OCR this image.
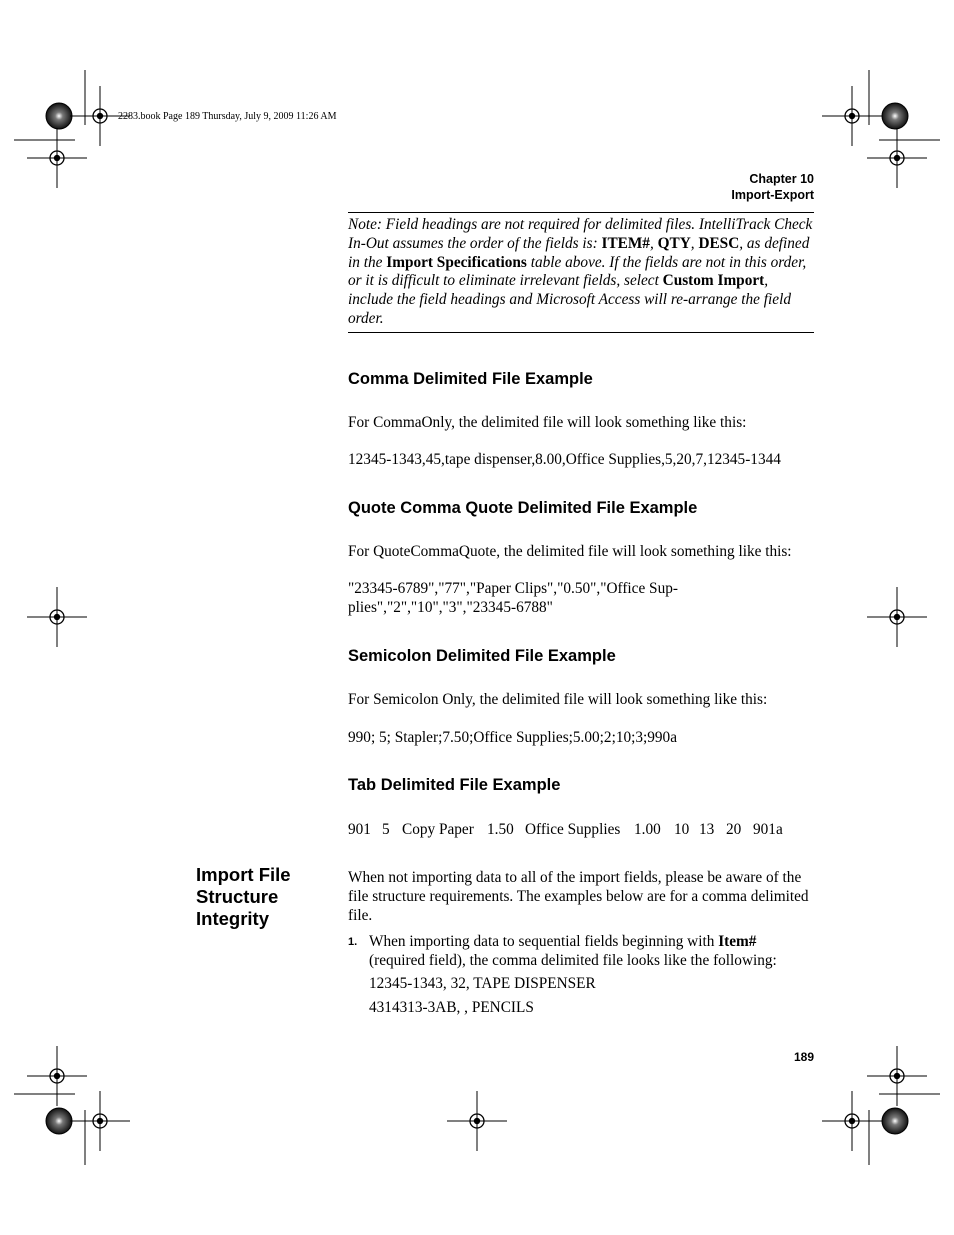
2283.book Page 189 Thursday, July 9, 2009 11:26 AM
Chapter 10
Import-Export
Note: Field headings are not required for delimited files. IntelliTrack Check In-Out assumes the order of the fields is: ITEM#, QTY, DESC, as defined in the Import Specifications table above. If the fields are not in this order, or it is difficult to eliminate irrelevant fields, select Custom Import, include the field headings and Microsoft Access will re-arrange the field order.
Comma Delimited File Example
For CommaOnly, the delimited file will look something like this:
12345-1343,45,tape dispenser,8.00,Office Supplies,5,20,7,12345-1344
Quote Comma Quote Delimited File Example
For QuoteCommaQuote, the delimited file will look something like this:
"23345-6789","77","Paper Clips","0.50","Office Sup-
plies","2","10","3","23345-6788"
Semicolon Delimited File Example
For Semicolon Only, the delimited file will look something like this:
990; 5; Stapler;7.50;Office Supplies;5.00;2;10;3;990a
Tab Delimited File Example
901 5 Copy Paper 1.50 Office Supplies 1.00 10 13 20 901a
Import File
Structure
Integrity
When not importing data to all of the import fields, please be aware of the file structure requirements. The examples below are for a comma delimited file.
1. When importing data to sequential fields beginning with Item# (required field), the comma delimited file looks like the following:
12345-1343, 32, TAPE DISPENSER
4314313-3AB, , PENCILS
189
